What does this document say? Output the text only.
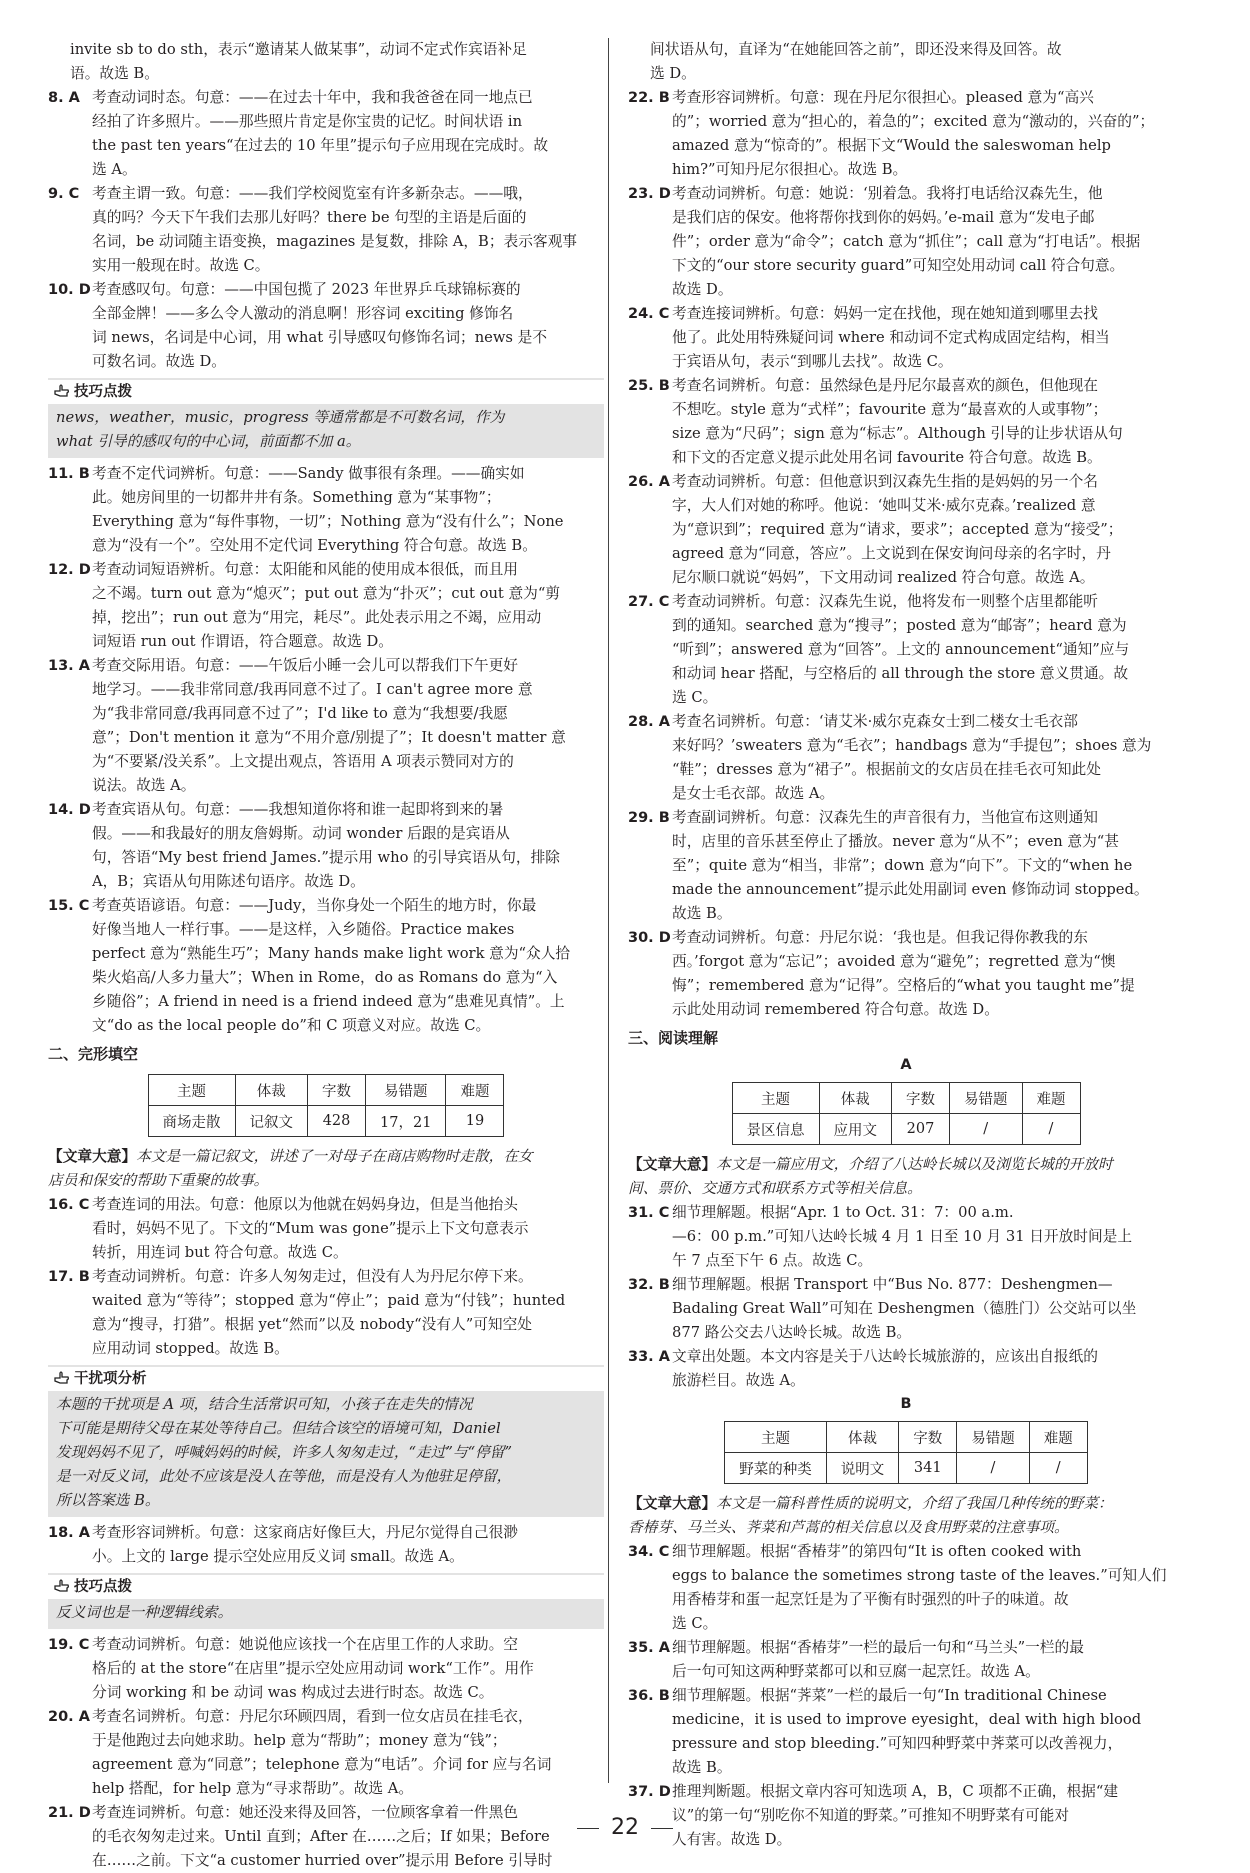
invite sb to do sth，表示“邀请某人做某事”，动词不定式作宾语补足
语。故选 B。
8. A 考查动词时态。句意：——在过去十年中，我和我爸爸在同一地点已
经拍了许多照片。——那些照片肯定是你宝贵的记忆。时间状语 in
the past ten years“在过去的 10 年里”提示句子应用现在完成时。故
选 A。
9. C 考查主谓一致。句意：——我们学校阅览室有许多新杂志。——哦，
真的吗？今天下午我们去那儿好吗？there be 句型的主语是后面的
名词，be 动词随主语变换，magazines 是复数，排除 A，B；表示客观事
实用一般现在时。故选 C。
10. D 考查感叹句。句意：——中国包揽了 2023 年世界乒乓球锦标赛的
全部金牌！——多么令人激动的消息啊！形容词 exciting 修饰名
词 news，名词是中心词，用 what 引导感叹句修饰名词；news 是不
可数名词。故选 D。
技巧点拨
news，weather，music，progress 等通常都是不可数名词，作为
what 引导的感叹句的中心词，前面都不加 a。
11. B 考查不定代词辨析。句意：——Sandy 做事很有条理。——确实如
此。她房间里的一切都井井有条。Something 意为“某事物”；
Everything 意为“每件事物，一切”；Nothing 意为“没有什么”；None
意为“没有一个”。空处用不定代词 Everything 符合句意。故选 B。
12. D 考查动词短语辨析。句意：太阳能和风能的使用成本很低，而且用
之不竭。turn out 意为“熄灭”；put out 意为“扑灭”；cut out 意为“剪
掉，挖出”；run out 意为“用完，耗尽”。此处表示用之不竭，应用动
词短语 run out 作谓语，符合题意。故选 D。
13. A 考查交际用语。句意：——午饭后小睡一会儿可以帮我们下午更好
地学习。——我非常同意/我再同意不过了。I can't agree more 意
为“我非常同意/我再同意不过了”；I'd like to 意为“我想要/我愿
意”；Don't mention it 意为“不用介意/别提了”；It doesn't matter 意
为“不要紧/没关系”。上文提出观点，答语用 A 项表示赞同对方的
说法。故选 A。
14. D 考查宾语从句。句意：——我想知道你将和谁一起即将到来的暑
假。——和我最好的朋友詹姆斯。动词 wonder 后跟的是宾语从
句，答语“My best friend James.”提示用 who 的引导宾语从句，排除
A，B；宾语从句用陈述句语序。故选 D。
15. C 考查英语谚语。句意：——Judy，当你身处一个陌生的地方时，你最
好像当地人一样行事。——是这样，入乡随俗。Practice makes
perfect 意为“熟能生巧”；Many hands make light work 意为“众人拾
柴火焰高/人多力量大”；When in Rome，do as Romans do 意为“入
乡随俗”；A friend in need is a friend indeed 意为“患难见真情”。上
文“do as the local people do”和 C 项意义对应。故选 C。
二、完形填空
主题	体裁	字数	易错题	难题
商场走散	记叙文	428	17，21	19
【文章大意】本文是一篇记叙文，讲述了一对母子在商店购物时走散，在女
店员和保安的帮助下重聚的故事。
16. C 考查连词的用法。句意：他原以为他就在妈妈身边，但是当他抬头
看时，妈妈不见了。下文的“Mum was gone”提示上下文句意表示
转折，用连词 but 符合句意。故选 C。
17. B 考查动词辨析。句意：许多人匆匆走过，但没有人为丹尼尔停下来。
waited 意为“等待”；stopped 意为“停止”；paid 意为“付钱”；hunted
意为“搜寻，打猎”。根据 yet“然而”以及 nobody“没有人”可知空处
应用动词 stopped。故选 B。
干扰项分析
本题的干扰项是 A 项，结合生活常识可知，小孩子在走失的情况
下可能是期待父母在某处等待自己。但结合该空的语境可知，Daniel
发现妈妈不见了，呼喊妈妈的时候，许多人匆匆走过，“走过”与“停留”
是一对反义词，此处不应该是没人在等他，而是没有人为他驻足停留，
所以答案选 B。
18. A 考查形容词辨析。句意：这家商店好像巨大，丹尼尔觉得自己很渺
小。上文的 large 提示空处应用反义词 small。故选 A。
技巧点拨
反义词也是一种逻辑线索。
19. C 考查动词辨析。句意：她说他应该找一个在店里工作的人求助。空
格后的 at the store“在店里”提示空处应用动词 work“工作”。用作
分词 working 和 be 动词 was 构成过去进行时态。故选 C。
20. A 考查名词辨析。句意：丹尼尔环顾四周，看到一位女店员在挂毛衣，
于是他跑过去向她求助。help 意为“帮助”；money 意为“钱”；
agreement 意为“同意”；telephone 意为“电话”。介词 for 应与名词
help 搭配，for help 意为“寻求帮助”。故选 A。
21. D 考查连词辨析。句意：她还没来得及回答，一位顾客拿着一件黑色
的毛衣匆匆走过来。Until 直到；After 在……之后；If 如果；Before
在……之前。下文“a customer hurried over”提示用 Before 引导时
间状语从句，直译为“在她能回答之前”，即还没来得及回答。故
选 D。
22. B 考查形容词辨析。句意：现在丹尼尔很担心。pleased 意为“高兴
的”；worried 意为“担心的，着急的”；excited 意为“激动的，兴奋的”；
amazed 意为“惊奇的”。根据下文“Would the saleswoman help
him?”可知丹尼尔很担心。故选 B。
23. D 考查动词辨析。句意：她说：‘别着急。我将打电话给汉森先生，他
是我们店的保安。他将帮你找到你的妈妈。’e-mail 意为“发电子邮
件”；order 意为“命令”；catch 意为“抓住”；call 意为“打电话”。根据
下文的“our store security guard”可知空处用动词 call 符合句意。
故选 D。
24. C 考查连接词辨析。句意：妈妈一定在找他，现在她知道到哪里去找
他了。此处用特殊疑问词 where 和动词不定式构成固定结构，相当
于宾语从句，表示“到哪儿去找”。故选 C。
25. B 考查名词辨析。句意：虽然绿色是丹尼尔最喜欢的颜色，但他现在
不想吃。style 意为“式样”；favourite 意为“最喜欢的人或事物”；
size 意为“尺码”；sign 意为“标志”。Although 引导的让步状语从句
和下文的否定意义提示此处用名词 favourite 符合句意。故选 B。
26. A 考查动词辨析。句意：但他意识到汉森先生指的是妈妈的另一个名
字，大人们对她的称呼。他说：‘她叫艾米·威尔克森。’realized 意
为“意识到”；required 意为“请求，要求”；accepted 意为“接受”；
agreed 意为“同意，答应”。上文说到在保安询问母亲的名字时，丹
尼尔顺口就说“妈妈”，下文用动词 realized 符合句意。故选 A。
27. C 考查动词辨析。句意：汉森先生说，他将发布一则整个店里都能听
到的通知。searched 意为“搜寻”；posted 意为“邮寄”；heard 意为
“听到”；answered 意为“回答”。上文的 announcement“通知”应与
和动词 hear 搭配，与空格后的 all through the store 意义贯通。故
选 C。
28. A 考查名词辨析。句意：‘请艾米·威尔克森女士到二楼女士毛衣部
来好吗？’sweaters 意为“毛衣”；handbags 意为“手提包”；shoes 意为
“鞋”；dresses 意为“裙子”。根据前文的女店员在挂毛衣可知此处
是女士毛衣部。故选 A。
29. B 考查副词辨析。句意：汉森先生的声音很有力，当他宣布这则通知
时，店里的音乐甚至停止了播放。never 意为“从不”；even 意为“甚
至”；quite 意为“相当，非常”；down 意为“向下”。下文的“when he
made the announcement”提示此处用副词 even 修饰动词 stopped。
故选 B。
30. D 考查动词辨析。句意：丹尼尔说：‘我也是。但我记得你教我的东
西。’forgot 意为“忘记”；avoided 意为“避免”；regretted 意为“懊
悔”；remembered 意为“记得”。空格后的“what you taught me”提
示此处用动词 remembered 符合句意。故选 D。
三、阅读理解
A
主题	体裁	字数	易错题	难题
景区信息	应用文	207	/	/
【文章大意】本文是一篇应用文，介绍了八达岭长城以及浏览长城的开放时
间、票价、交通方式和联系方式等相关信息。
31. C 细节理解题。根据“Apr. 1 to Oct. 31：7：00 a.m.
—6：00 p.m.”可知八达岭长城 4 月 1 日至 10 月 31 日开放时间是上
午 7 点至下午 6 点。故选 C。
32. B 细节理解题。根据 Transport 中“Bus No. 877：Deshengmen—
Badaling Great Wall”可知在 Deshengmen（德胜门）公交站可以坐
877 路公交去八达岭长城。故选 B。
33. A 文章出处题。本文内容是关于八达岭长城旅游的，应该出自报纸的
旅游栏目。故选 A。
B
主题	体裁	字数	易错题	难题
野菜的种类	说明文	341	/	/
【文章大意】本文是一篇科普性质的说明文，介绍了我国几种传统的野菜：
香椿芽、马兰头、荠菜和芦蒿的相关信息以及食用野菜的注意事项。
34. C 细节理解题。根据“香椿芽”的第四句“It is often cooked with
eggs to balance the sometimes strong taste of the leaves.”可知人们
用香椿芽和蛋一起烹饪是为了平衡有时强烈的叶子的味道。故
选 C。
35. A 细节理解题。根据“香椿芽”一栏的最后一句和“马兰头”一栏的最
后一句可知这两种野菜都可以和豆腐一起烹饪。故选 A。
36. B 细节理解题。根据“荠菜”一栏的最后一句“In traditional Chinese
medicine，it is used to improve eyesight，deal with high blood
pressure and stop bleeding.”可知四种野菜中荠菜可以改善视力，
故选 B。
37. D 推理判断题。根据文章内容可知选项 A，B，C 项都不正确，根据“建
议”的第一句“别吃你不知道的野菜。”可推知不明野菜有可能对
人有害。故选 D。
22
